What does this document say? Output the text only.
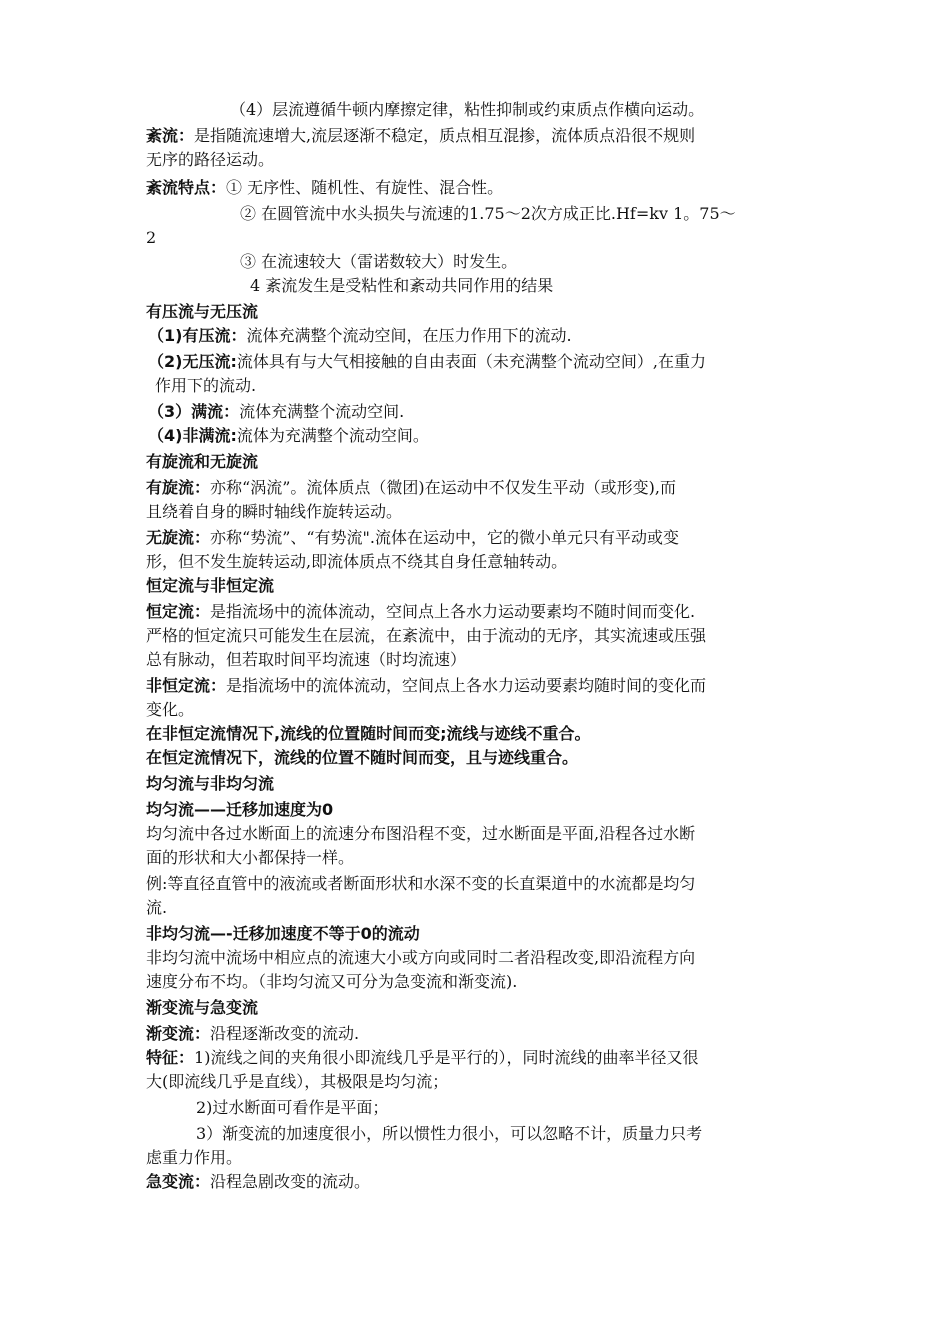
（4）层流遵循牛顿内摩擦定律，粘性抑制或约束质点作横向运动。
紊流：是指随流速增大,流层逐渐不稳定，质点相互混掺，流体质点沿很不规则
无序的路径运动。
紊流特点：① 无序性、随机性、有旋性、混合性。
② 在圆管流中水头损失与流速的1.75～2次方成正比.Hf=kv 1。75～
2
③ 在流速较大（雷诺数较大）时发生。
4 紊流发生是受粘性和紊动共同作用的结果
有压流与无压流
（1)有压流：流体充满整个流动空间，在压力作用下的流动.
（2)无压流:流体具有与大气相接触的自由表面（未充满整个流动空间）,在重力
作用下的流动.
（3）满流：流体充满整个流动空间.
（4)非满流:流体为充满整个流动空间。
有旋流和无旋流
有旋流：亦称“涡流”。流体质点（微团)在运动中不仅发生平动（或形变),而
且绕着自身的瞬时轴线作旋转运动。
无旋流：亦称“势流”、“有势流".流体在运动中，它的微小单元只有平动或变
形，但不发生旋转运动,即流体质点不绕其自身任意轴转动。
恒定流与非恒定流
恒定流：是指流场中的流体流动，空间点上各水力运动要素均不随时间而变化.
严格的恒定流只可能发生在层流，在紊流中，由于流动的无序，其实流速或压强
总有脉动，但若取时间平均流速（时均流速）
非恒定流：是指流场中的流体流动，空间点上各水力运动要素均随时间的变化而
变化。
在非恒定流情况下,流线的位置随时间而变;流线与迹线不重合。
在恒定流情况下，流线的位置不随时间而变，且与迹线重合。
均匀流与非均匀流
均匀流——迁移加速度为0
均匀流中各过水断面上的流速分布图沿程不变，过水断面是平面,沿程各过水断
面的形状和大小都保持一样。
例:等直径直管中的液流或者断面形状和水深不变的长直渠道中的水流都是均匀
流.
非均匀流—-迁移加速度不等于0的流动
非均匀流中流场中相应点的流速大小或方向或同时二者沿程改变,即沿流程方向
速度分布不均。（非均匀流又可分为急变流和渐变流).
渐变流与急变流
渐变流：沿程逐渐改变的流动.
特征：1)流线之间的夹角很小即流线几乎是平行的），同时流线的曲率半径又很
大(即流线几乎是直线），其极限是均匀流；
2)过水断面可看作是平面；
3）渐变流的加速度很小，所以惯性力很小，可以忽略不计，质量力只考
虑重力作用。
急变流：沿程急剧改变的流动。
